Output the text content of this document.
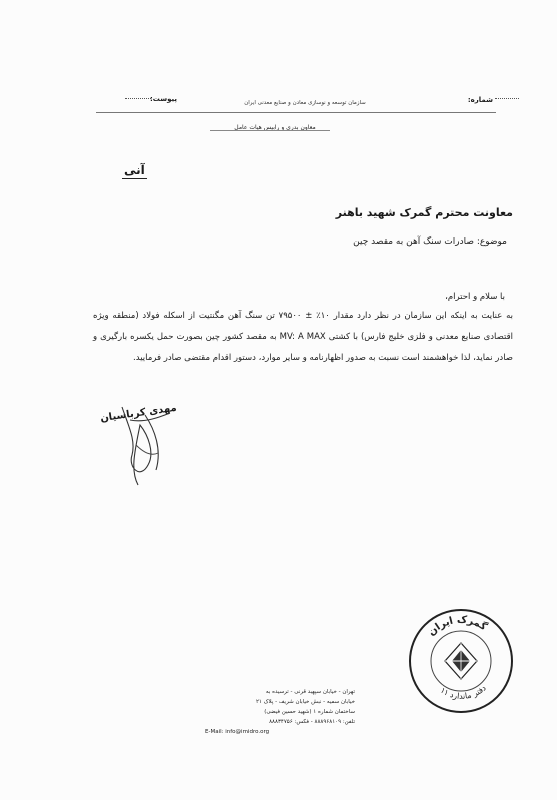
شماره:
سازمان توسعه و نوسازی معادن و صنایع معدنی ایران
پیوست:
معاون بدری و رابیس هیات عامل
آنی
معاونت محترم گمرک شهید باهنر
موضوع: صادرات سنگ آهن به مقصد چین
با سلام و احترام،
به عنایت به اینکه این سازمان در نظر دارد مقدار ۱۰٪ ± ۷۹۵۰۰ تن سنگ آهن مگنتیت از اسکله فولاد (منطقه ویژه اقتصادی صنایع معدنی و فلزی خلیج فارس) با کشتی MV: A MAX به مقصد کشور چین بصورت حمل یکسره بارگیری و صادر نماید، لذا خواهشمند است نسبت به صدور اظهارنامه و سایر موارد، دستور اقدام مقتضی صادر فرمایید.
مهدی کرباسیان
گمرک ایران
دفتر ماندارد ۱۱
تهران - خیابان سپهبد قرنی - ترسیده به
خیابان سمیه - نبش خیابان شریف - پلاک ۲۱
ساختمان شماره ۱ (شهید حسین فیضی)
تلفن: ۸۸۸۹۶۸۱۰۹ - فکس: ۸۸۸۳۴۷۵۶
E-Mail: info@imidro.org
